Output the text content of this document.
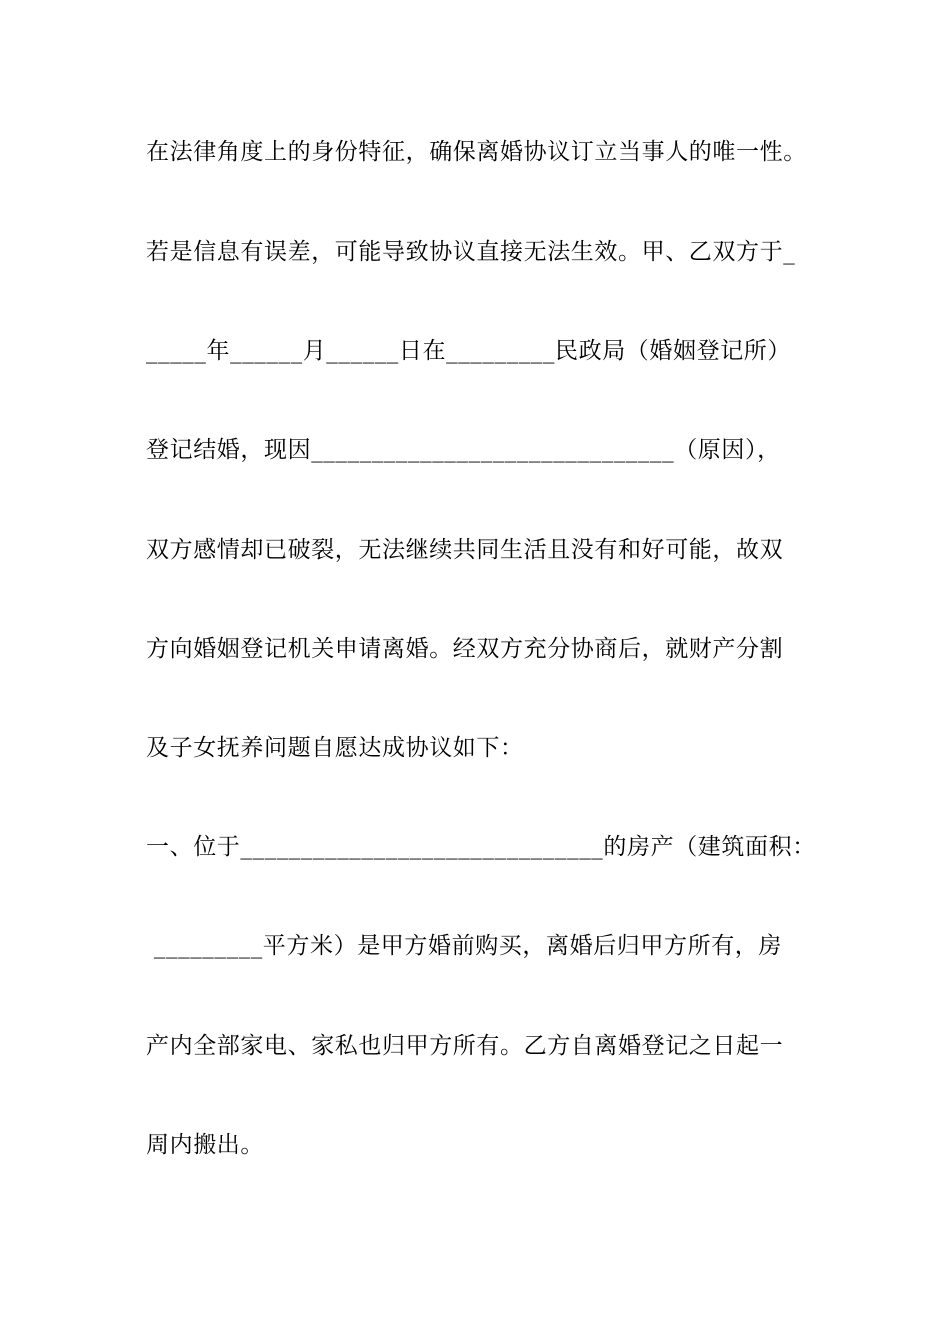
在法律角度上的身份特征，确保离婚协议订立当事人的唯一性。
若是信息有误差，可能导致协议直接无法生效。甲、乙双方于_
_____年______月______日在_________民政局（婚姻登记所）
登记结婚，现因______________________________（原因），
双方感情却已破裂，无法继续共同生活且没有和好可能，故双
方向婚姻登记机关申请离婚。经双方充分协商后，就财产分割
及子女抚养问题自愿达成协议如下：
一、位于______________________________的房产（建筑面积：
_________平方米）是甲方婚前购买，离婚后归甲方所有，房
产内全部家电、家私也归甲方所有。乙方自离婚登记之日起一
周内搬出。
